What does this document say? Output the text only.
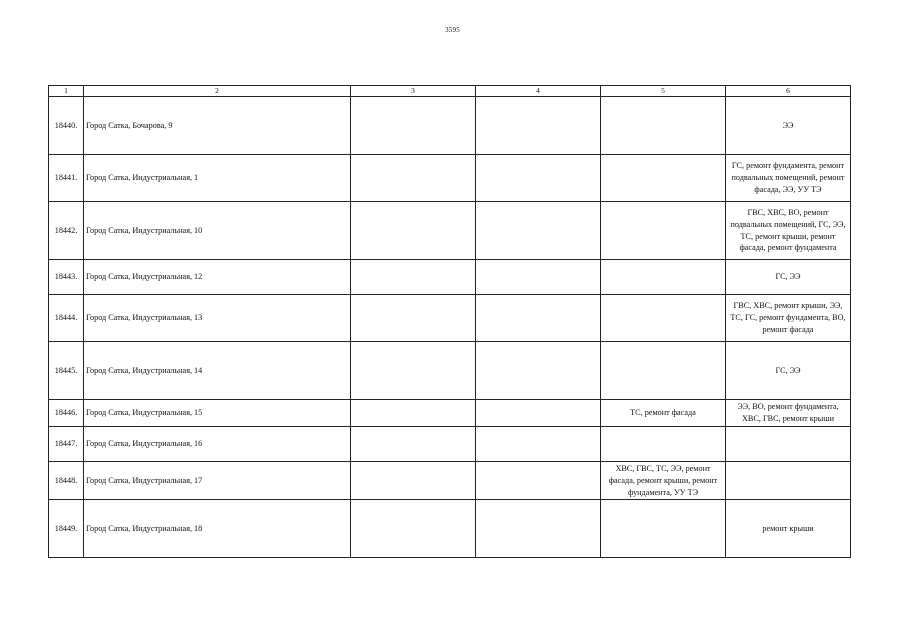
3595
1	2	3	4	5	6
18440.	Город Сатка, Бочарова, 9				ЭЭ
18441.	Город Сатка, Индустриальная, 1				ГС, ремонт фундамента, ремонт подвальных помещений, ремонт фасада, ЭЭ, УУ ТЭ
18442.	Город Сатка, Индустриальная, 10				ГВС, ХВС, ВО, ремонт подвальных помещений, ГС, ЭЭ, ТС, ремонт крыши, ремонт фасада, ремонт фундамента
18443.	Город Сатка, Индустриальная, 12				ГС, ЭЭ
18444.	Город Сатка, Индустриальная, 13				ГВС, ХВС, ремонт крыши, ЭЭ, ТС, ГС, ремонт фундамента, ВО, ремонт фасада
18445.	Город Сатка, Индустриальная, 14				ГС, ЭЭ
18446.	Город Сатка, Индустриальная, 15			ТС, ремонт фасада	ЭЭ, ВО, ремонт фундамента, ХВС, ГВС, ремонт крыши
18447.	Город Сатка, Индустриальная, 16				
18448.	Город Сатка, Индустриальная, 17			ХВС, ГВС, ТС, ЭЭ, ремонт фасада, ремонт крыши, ремонт фундамента, УУ ТЭ	
18449.	Город Сатка, Индустриальная, 18				ремонт крыши
